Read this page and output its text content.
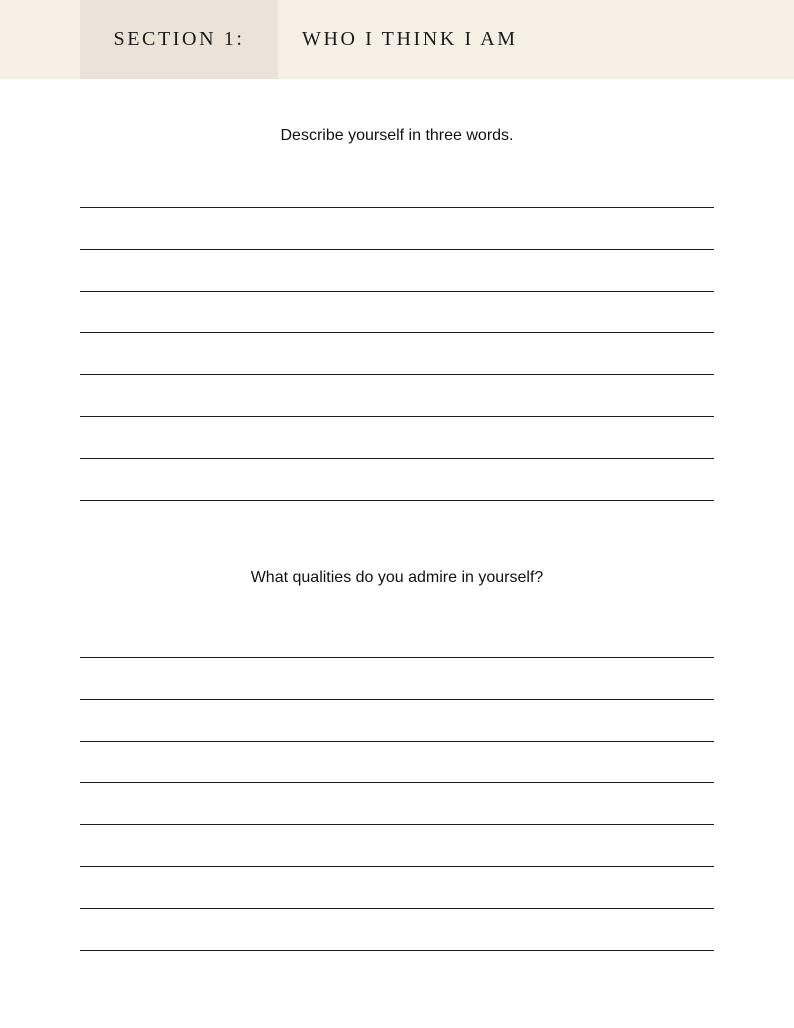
SECTION 1:	WHO I THINK I AM
Describe yourself in three words.
What qualities do you admire in yourself?
